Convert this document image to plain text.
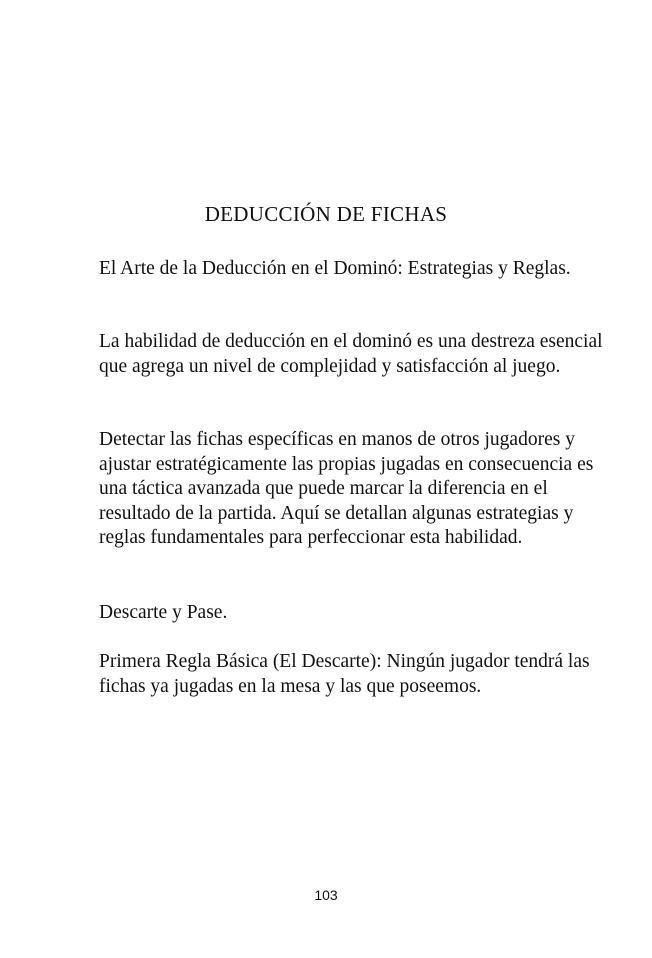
DEDUCCIÓN DE FICHAS

El Arte de la Deducción en el Dominó: Estrategias y Reglas.

La habilidad de deducción en el dominó es una destreza esencial que agrega un nivel de complejidad y satisfacción al juego.

Detectar las fichas específicas en manos de otros jugadores y ajustar estratégicamente las propias jugadas en consecuencia es una táctica avanzada que puede marcar la diferencia en el resultado de la partida. Aquí se detallan algunas estrategias y reglas fundamentales para perfeccionar esta habilidad.

Descarte y Pase.

Primera Regla Básica (El Descarte): Ningún jugador tendrá las fichas ya jugadas en la mesa y las que poseemos.

103
